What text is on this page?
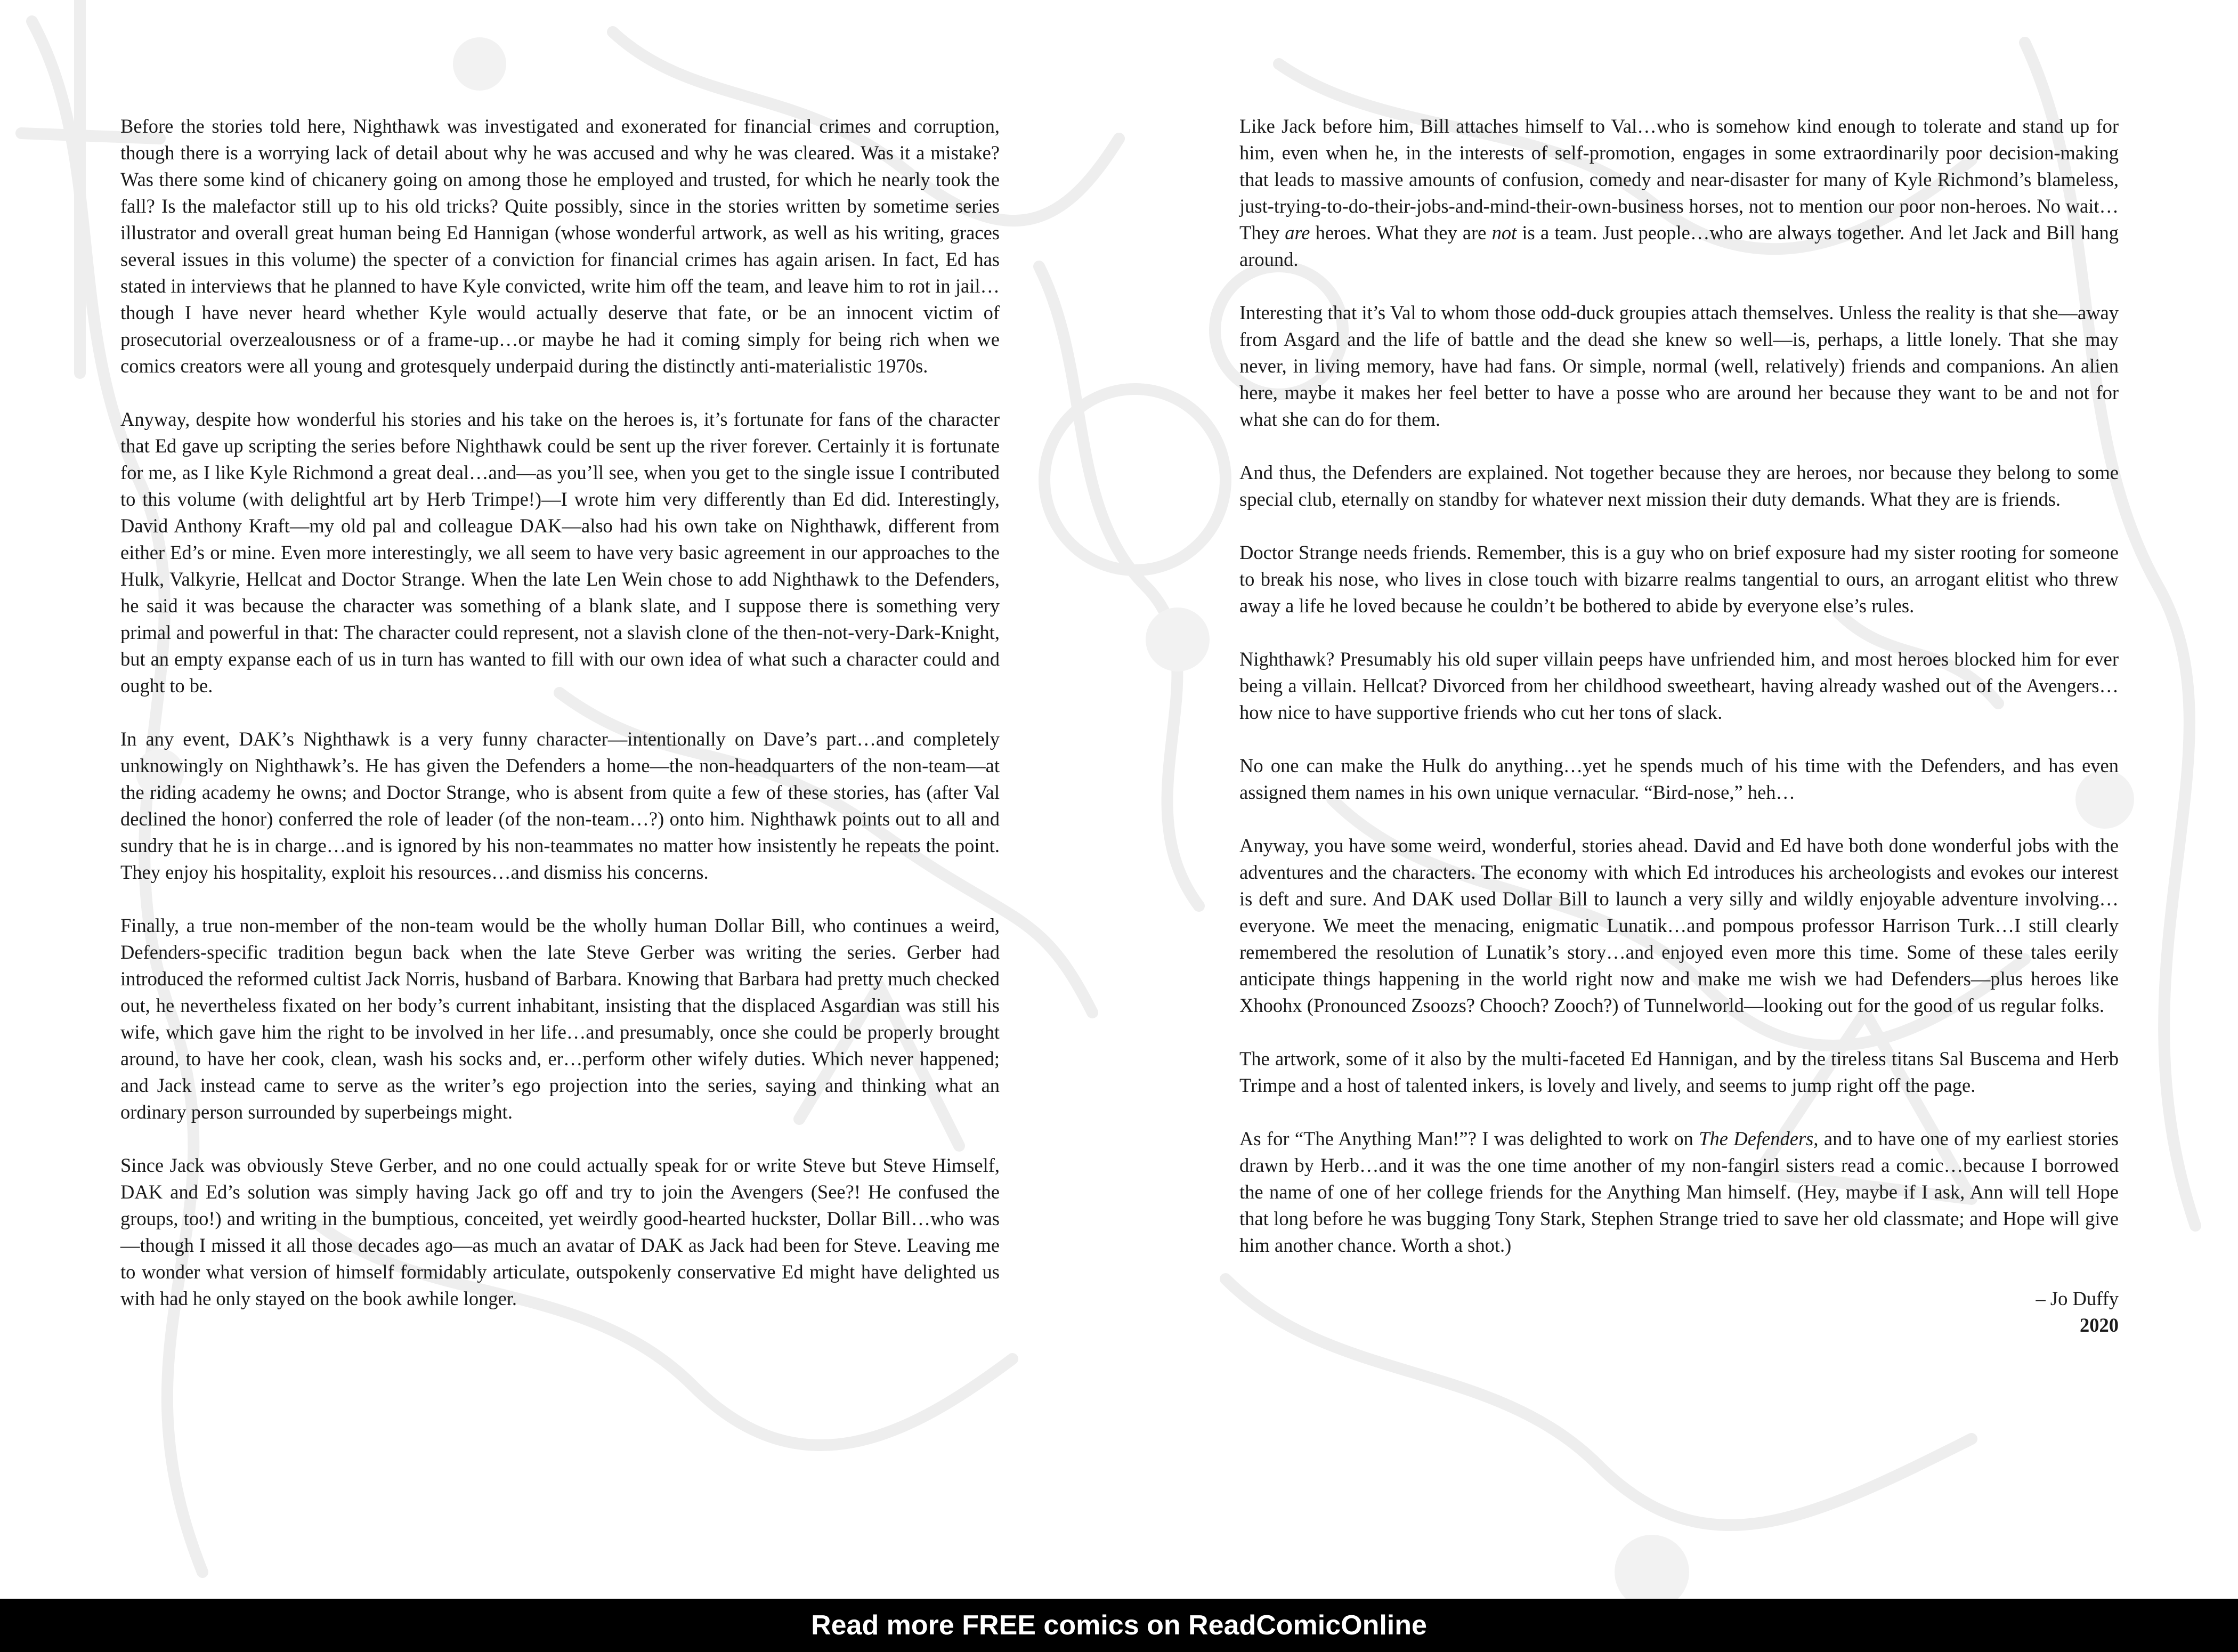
Before the stories told here, Nighthawk was investigated and exonerated for financial crimes and corruption, though there is a worrying lack of detail about why he was accused and why he was cleared. Was it a mistake? Was there some kind of chicanery going on among those he employed and trusted, for which he nearly took the fall? Is the malefactor still up to his old tricks? Quite possibly, since in the stories written by sometime series illustrator and overall great human being Ed Hannigan (whose wonderful artwork, as well as his writing, graces several issues in this volume) the specter of a conviction for financial crimes has again arisen. In fact, Ed has stated in interviews that he planned to have Kyle convicted, write him off the team, and leave him to rot in jail…though I have never heard whether Kyle would actually deserve that fate, or be an innocent victim of prosecutorial overzealousness or of a frame-up…or maybe he had it coming simply for being rich when we comics creators were all young and grotesquely underpaid during the distinctly anti-materialistic 1970s.

Anyway, despite how wonderful his stories and his take on the heroes is, it’s fortunate for fans of the character that Ed gave up scripting the series before Nighthawk could be sent up the river forever. Certainly it is fortunate for me, as I like Kyle Richmond a great deal…and—as you’ll see, when you get to the single issue I contributed to this volume (with delightful art by Herb Trimpe!)—I wrote him very differently than Ed did. Interestingly, David Anthony Kraft—my old pal and colleague DAK—also had his own take on Nighthawk, different from either Ed’s or mine. Even more interestingly, we all seem to have very basic agreement in our approaches to the Hulk, Valkyrie, Hellcat and Doctor Strange. When the late Len Wein chose to add Nighthawk to the Defenders, he said it was because the character was something of a blank slate, and I suppose there is something very primal and powerful in that: The character could represent, not a slavish clone of the then-not-very-Dark-Knight, but an empty expanse each of us in turn has wanted to fill with our own idea of what such a character could and ought to be.

In any event, DAK’s Nighthawk is a very funny character—intentionally on Dave’s part…and completely unknowingly on Nighthawk’s. He has given the Defenders a home—the non-headquarters of the non-team—at the riding academy he owns; and Doctor Strange, who is absent from quite a few of these stories, has (after Val declined the honor) conferred the role of leader (of the non-team…?) onto him. Nighthawk points out to all and sundry that he is in charge…and is ignored by his non-teammates no matter how insistently he repeats the point. They enjoy his hospitality, exploit his resources…and dismiss his concerns.

Finally, a true non-member of the non-team would be the wholly human Dollar Bill, who continues a weird, Defenders-specific tradition begun back when the late Steve Gerber was writing the series. Gerber had introduced the reformed cultist Jack Norris, husband of Barbara. Knowing that Barbara had pretty much checked out, he nevertheless fixated on her body’s current inhabitant, insisting that the displaced Asgardian was still his wife, which gave him the right to be involved in her life…and presumably, once she could be properly brought around, to have her cook, clean, wash his socks and, er…perform other wifely duties. Which never happened; and Jack instead came to serve as the writer’s ego projection into the series, saying and thinking what an ordinary person surrounded by superbeings might.

Since Jack was obviously Steve Gerber, and no one could actually speak for or write Steve but Steve Himself, DAK and Ed’s solution was simply having Jack go off and try to join the Avengers (See?! He confused the groups, too!) and writing in the bumptious, conceited, yet weirdly good-hearted huckster, Dollar Bill…who was—though I missed it all those decades ago—as much an avatar of DAK as Jack had been for Steve. Leaving me to wonder what version of himself formidably articulate, outspokenly conservative Ed might have delighted us with had he only stayed on the book awhile longer.

Like Jack before him, Bill attaches himself to Val…who is somehow kind enough to tolerate and stand up for him, even when he, in the interests of self-promotion, engages in some extraordinarily poor decision-making that leads to massive amounts of confusion, comedy and near-disaster for many of Kyle Richmond’s blameless, just-trying-to-do-their-jobs-and-mind-their-own-business horses, not to mention our poor non-heroes. No wait…They are heroes. What they are not is a team. Just people…who are always together. And let Jack and Bill hang around.

Interesting that it’s Val to whom those odd-duck groupies attach themselves. Unless the reality is that she—away from Asgard and the life of battle and the dead she knew so well—is, perhaps, a little lonely. That she may never, in living memory, have had fans. Or simple, normal (well, relatively) friends and companions. An alien here, maybe it makes her feel better to have a posse who are around her because they want to be and not for what she can do for them.

And thus, the Defenders are explained. Not together because they are heroes, nor because they belong to some special club, eternally on standby for whatever next mission their duty demands. What they are is friends.

Doctor Strange needs friends. Remember, this is a guy who on brief exposure had my sister rooting for someone to break his nose, who lives in close touch with bizarre realms tangential to ours, an arrogant elitist who threw away a life he loved because he couldn’t be bothered to abide by everyone else’s rules.

Nighthawk? Presumably his old super villain peeps have unfriended him, and most heroes blocked him for ever being a villain. Hellcat? Divorced from her childhood sweetheart, having already washed out of the Avengers…how nice to have supportive friends who cut her tons of slack.

No one can make the Hulk do anything…yet he spends much of his time with the Defenders, and has even assigned them names in his own unique vernacular. “Bird-nose,” heh…

Anyway, you have some weird, wonderful, stories ahead. David and Ed have both done wonderful jobs with the adventures and the characters. The economy with which Ed introduces his archeologists and evokes our interest is deft and sure. And DAK used Dollar Bill to launch a very silly and wildly enjoyable adventure involving…everyone. We meet the menacing, enigmatic Lunatik…and pompous professor Harrison Turk…I still clearly remembered the resolution of Lunatik’s story…and enjoyed even more this time. Some of these tales eerily anticipate things happening in the world right now and make me wish we had Defenders—plus heroes like Xhoohx (Pronounced Zsoozs? Chooch? Zooch?) of Tunnelworld—looking out for the good of us regular folks.

The artwork, some of it also by the multi-faceted Ed Hannigan, and by the tireless titans Sal Buscema and Herb Trimpe and a host of talented inkers, is lovely and lively, and seems to jump right off the page.

As for “The Anything Man!”? I was delighted to work on The Defenders, and to have one of my earliest stories drawn by Herb…and it was the one time another of my non-fangirl sisters read a comic…because I borrowed the name of one of her college friends for the Anything Man himself. (Hey, maybe if I ask, Ann will tell Hope that long before he was bugging Tony Stark, Stephen Strange tried to save her old classmate; and Hope will give him another chance. Worth a shot.)

– Jo Duffy
2020
Read more FREE comics on ReadComicOnline
